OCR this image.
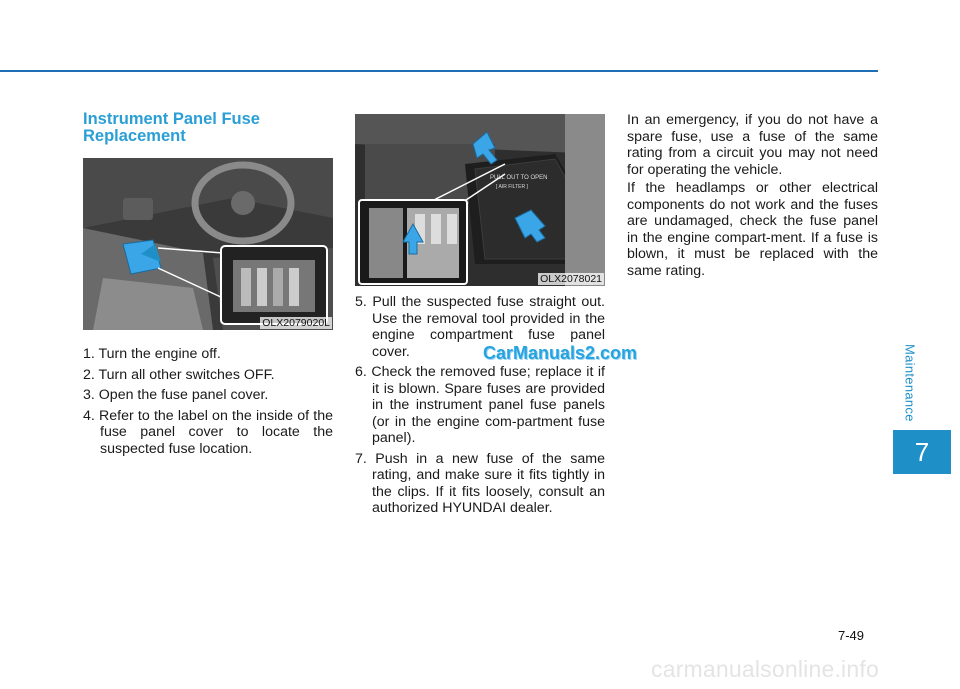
Maintenance
7
Instrument Panel Fuse Replacement
OLX2079020L
PULL OUT TO OPEN
[ AIR FILTER ]
OLX2078021
1. Turn the engine off.
2. Turn all other switches OFF.
3. Open the fuse panel cover.
4. Refer to the label on the inside of the fuse panel cover to locate the suspected fuse location.
5. Pull the suspected fuse straight out. Use the removal tool provided in the engine compartment fuse panel cover.
6. Check the removed fuse; replace it if it is blown. Spare fuses are provided in the instrument panel fuse panels (or in the engine com-partment fuse panel).
7. Push in a new fuse of the same rating, and make sure it fits tightly in the clips. If it fits loosely, consult an authorized HYUNDAI dealer.

In an emergency, if you do not have a spare fuse, use a fuse of the same rating from a circuit you may not need for operating the vehicle.

If the headlamps or other electrical components do not work and the fuses are undamaged, check the fuse panel in the engine compart-ment. If a fuse is blown, it must be replaced with the same rating.

CarManuals2.com
7-49
carmanualsonline.info
